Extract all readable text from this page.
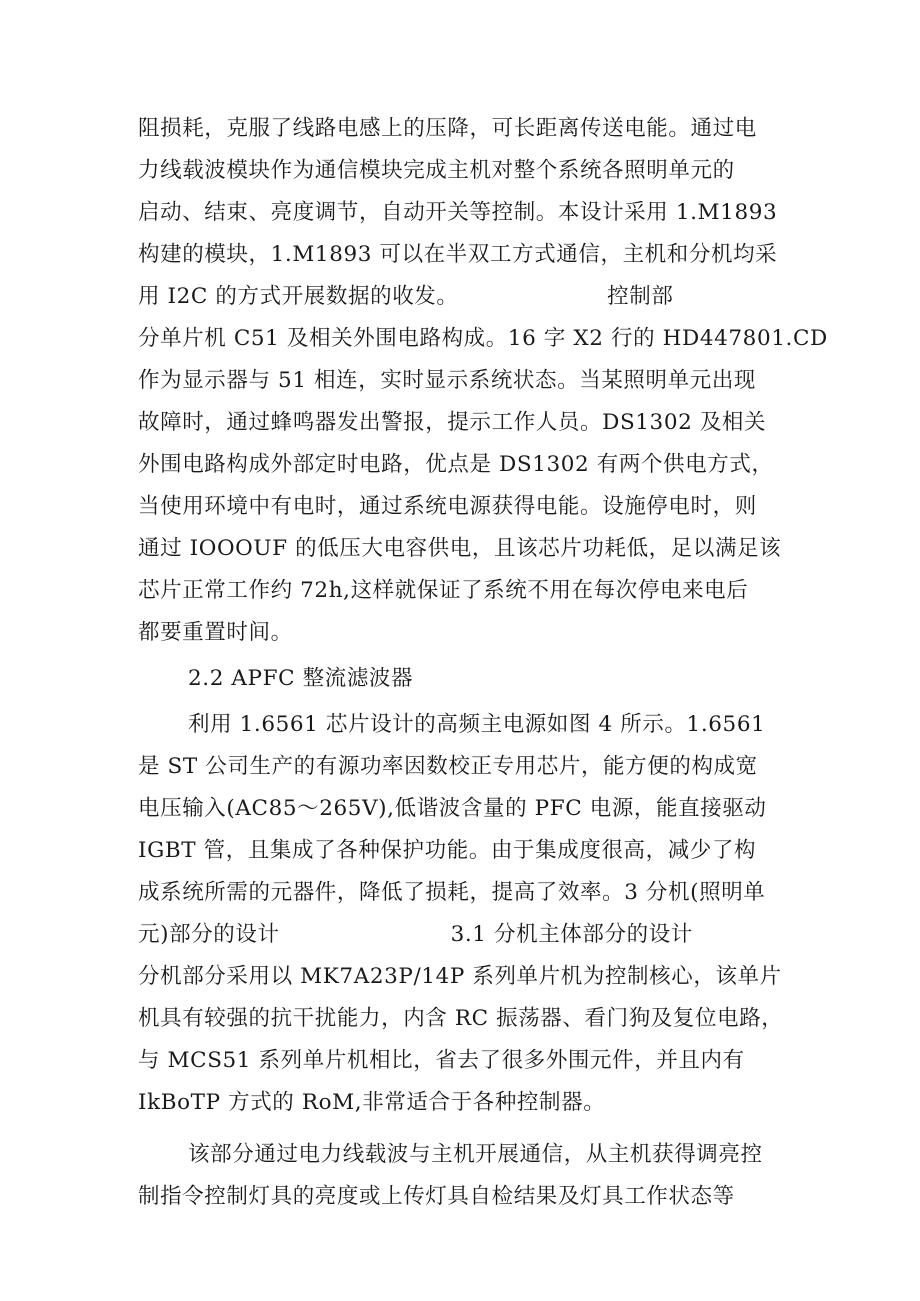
阻损耗，克服了线路电感上的压降，可长距离传送电能。通过电
力线载波模块作为通信模块完成主机对整个系统各照明单元的
启动、结束、亮度调节，自动开关等控制。本设计采用 1.M1893
构建的模块，1.M1893 可以在半双工方式通信，主机和分机均采
用 I2C 的方式开展数据的收发。                    控制部
分单片机 C51 及相关外围电路构成。16 字 X2 行的 HD447801.CD
作为显示器与 51 相连，实时显示系统状态。当某照明单元出现
故障时，通过蜂鸣器发出警报，提示工作人员。DS1302 及相关
外围电路构成外部定时电路，优点是 DS1302 有两个供电方式，
当使用环境中有电时，通过系统电源获得电能。设施停电时，则
通过 IOOOUF 的低压大电容供电，且该芯片功耗低，足以满足该
芯片正常工作约 72h,这样就保证了系统不用在每次停电来电后
都要重置时间。
2.2 APFC 整流滤波器
利用 1.6561 芯片设计的高频主电源如图 4 所示。1.6561
是 ST 公司生产的有源功率因数校正专用芯片，能方便的构成宽
电压输入(AC85～265V),低谐波含量的 PFC 电源，能直接驱动
IGBT 管，且集成了各种保护功能。由于集成度很高，减少了构
成系统所需的元器件，降低了损耗，提高了效率。3 分机(照明单
元)部分的设计                       3.1 分机主体部分的设计
分机部分采用以 MK7A23P/14P 系列单片机为控制核心，该单片
机具有较强的抗干扰能力，内含 RC 振荡器、看门狗及复位电路，
与 MCS51 系列单片机相比，省去了很多外围元件，并且内有
IkBoTP 方式的 RoM,非常适合于各种控制器。
该部分通过电力线载波与主机开展通信，从主机获得调亮控
制指令控制灯具的亮度或上传灯具自检结果及灯具工作状态等
